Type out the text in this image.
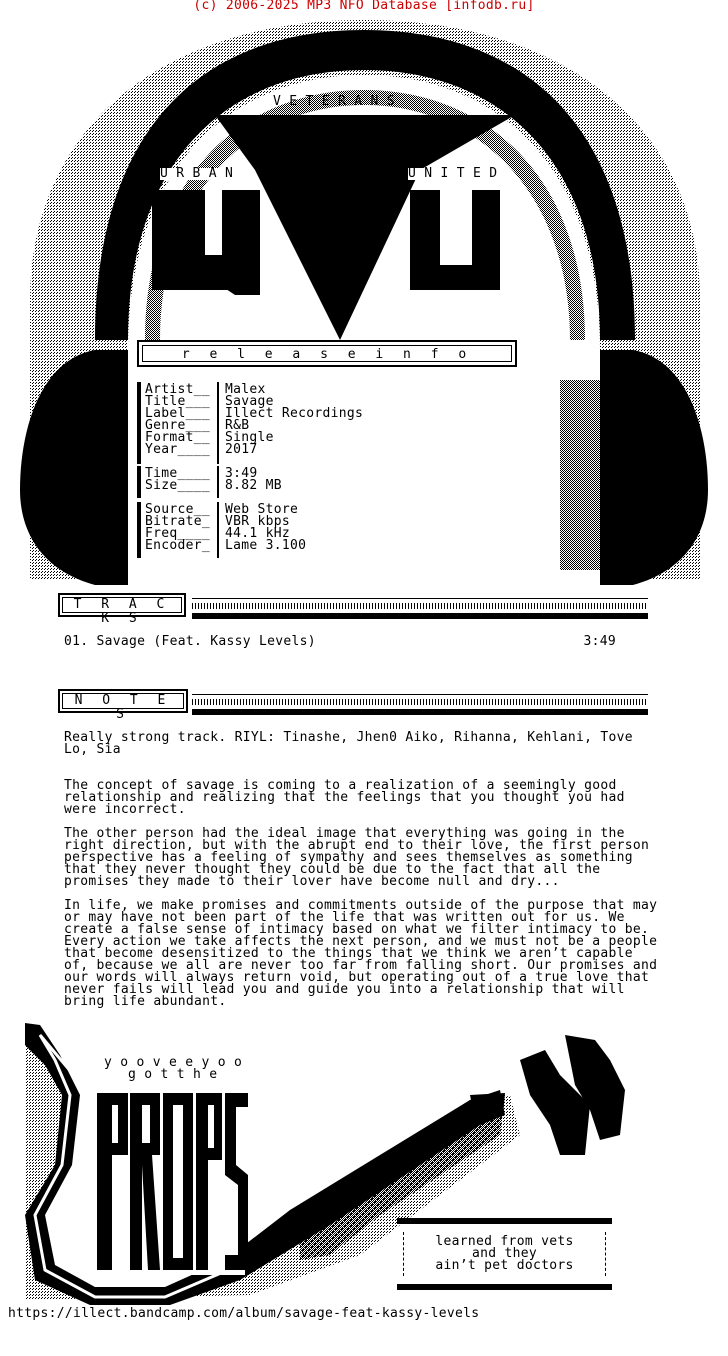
(c) 2006-2025 MP3 NFO Database [infodb.ru]
V E T E R A N S
U R B A N	U N I T E D
r e l e a s e i n f o
Artist__ Malex
Title___ Savage
Label___ Illect Recordings
Genre___ R&B
Format__ Single
Year____ 2017
Time____ 3:49
Size____ 8.82 MB
Source__ Web Store
Bitrate_ VBR kbps
Freq____ 44.1 kHz
Encoder_ Lame 3.100
T R A C K S
01. Savage (Feat. Kassy Levels)	3:49
N O T E S
Really strong track. RIYL: Tinashe, Jhen0 Aiko, Rihanna, Kehlani, Tove
Lo, Sia

The concept of savage is coming to a realization of a seemingly good
relationship and realizing that the feelings that you thought you had
were incorrect.

The other person had the ideal image that everything was going in the
right direction, but with the abrupt end to their love, the first person
perspective has a feeling of sympathy and sees themselves as something
that they never thought they could be due to the fact that all the
promises they made to their lover have become null and dry...

In life, we make promises and commitments outside of the purpose that may
or may have not been part of the life that was written out for us. We
create a false sense of intimacy based on what we filter intimacy to be.
Every action we take affects the next person, and we must not be a people
that become desensitized to the things that we think we aren’t capable
of, because we all are never too far from falling short. Our promises and
our words will always return void, but operating out of a true love that
never fails will lead you and guide you into a relationship that will
bring life abundant.
y o o v e e y o o
g o t t h e
learned from vets
and they
ain’t pet doctors
https://illect.bandcamp.com/album/savage-feat-kassy-levels
